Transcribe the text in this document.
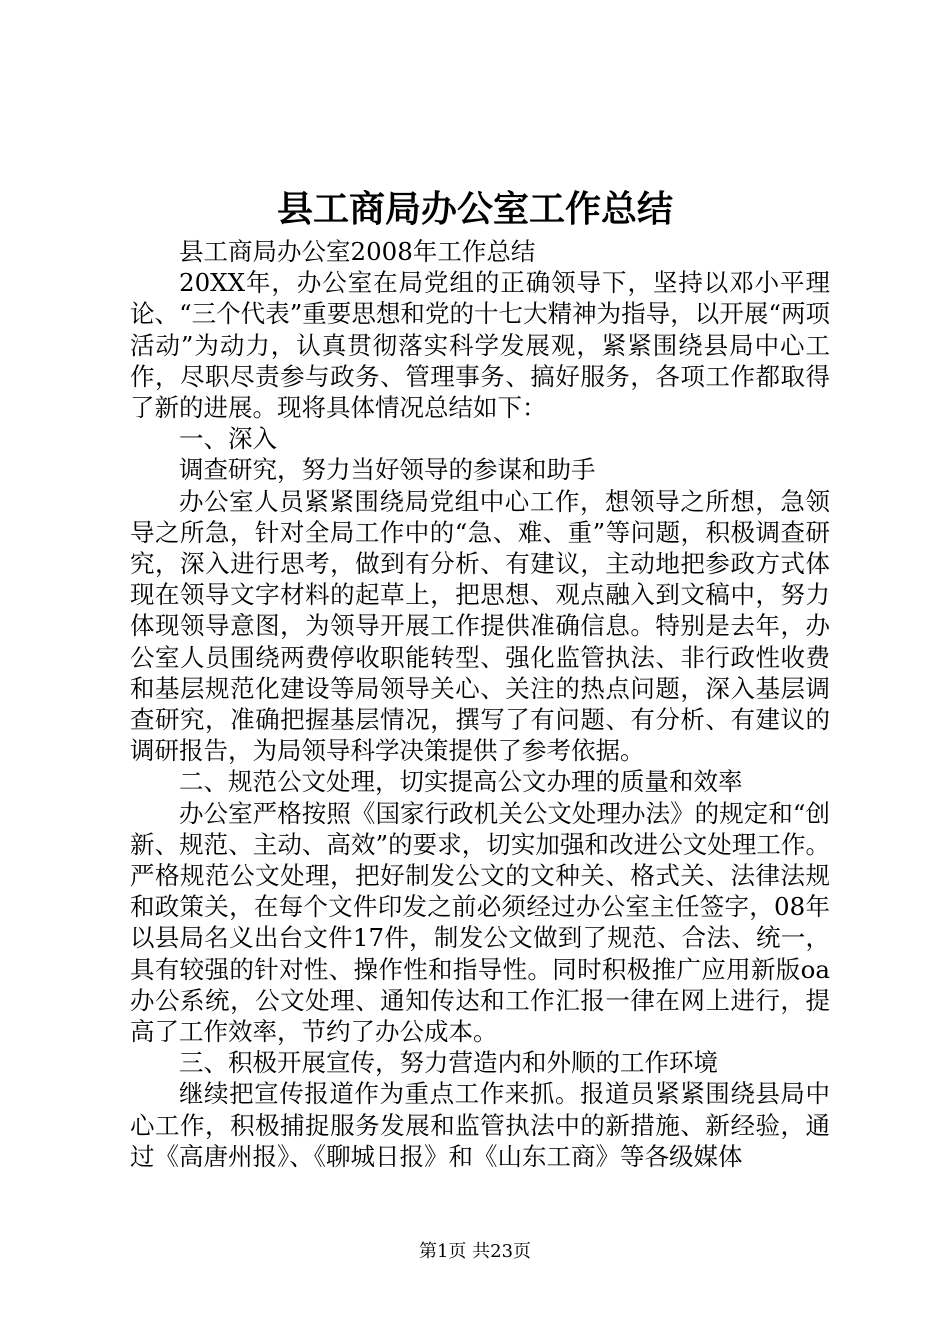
县工商局办公室工作总结

县工商局办公室2008年工作总结

20XX年，办公室在局党组的正确领导下，坚持以邓小平理论、“三个代表”重要思想和党的十七大精神为指导，以开展“两项活动”为动力，认真贯彻落实科学发展观，紧紧围绕县局中心工作，尽职尽责参与政务、管理事务、搞好服务，各项工作都取得了新的进展。现将具体情况总结如下：

一、深入

调查研究，努力当好领导的参谋和助手

办公室人员紧紧围绕局党组中心工作，想领导之所想，急领导之所急，针对全局工作中的“急、难、重”等问题，积极调查研究，深入进行思考，做到有分析、有建议，主动地把参政方式体现在领导文字材料的起草上，把思想、观点融入到文稿中，努力体现领导意图，为领导开展工作提供准确信息。特别是去年，办公室人员围绕两费停收职能转型、强化监管执法、非行政性收费和基层规范化建设等局领导关心、关注的热点问题，深入基层调查研究，准确把握基层情况，撰写了有问题、有分析、有建议的调研报告，为局领导科学决策提供了参考依据。

二、规范公文处理，切实提高公文办理的质量和效率

办公室严格按照《国家行政机关公文处理办法》的规定和“创新、规范、主动、高效”的要求，切实加强和改进公文处理工作。严格规范公文处理，把好制发公文的文种关、格式关、法律法规和政策关，在每个文件印发之前必须经过办公室主任签字，08年以县局名义出台文件17件，制发公文做到了规范、合法、统一，具有较强的针对性、操作性和指导性。同时积极推广应用新版oa办公系统，公文处理、通知传达和工作汇报一律在网上进行，提高了工作效率，节约了办公成本。

三、积极开展宣传，努力营造内和外顺的工作环境

继续把宣传报道作为重点工作来抓。报道员紧紧围绕县局中心工作，积极捕捉服务发展和监管执法中的新措施、新经验，通过《高唐州报》、《聊城日报》和《山东工商》等各级媒体

第1页 共23页
